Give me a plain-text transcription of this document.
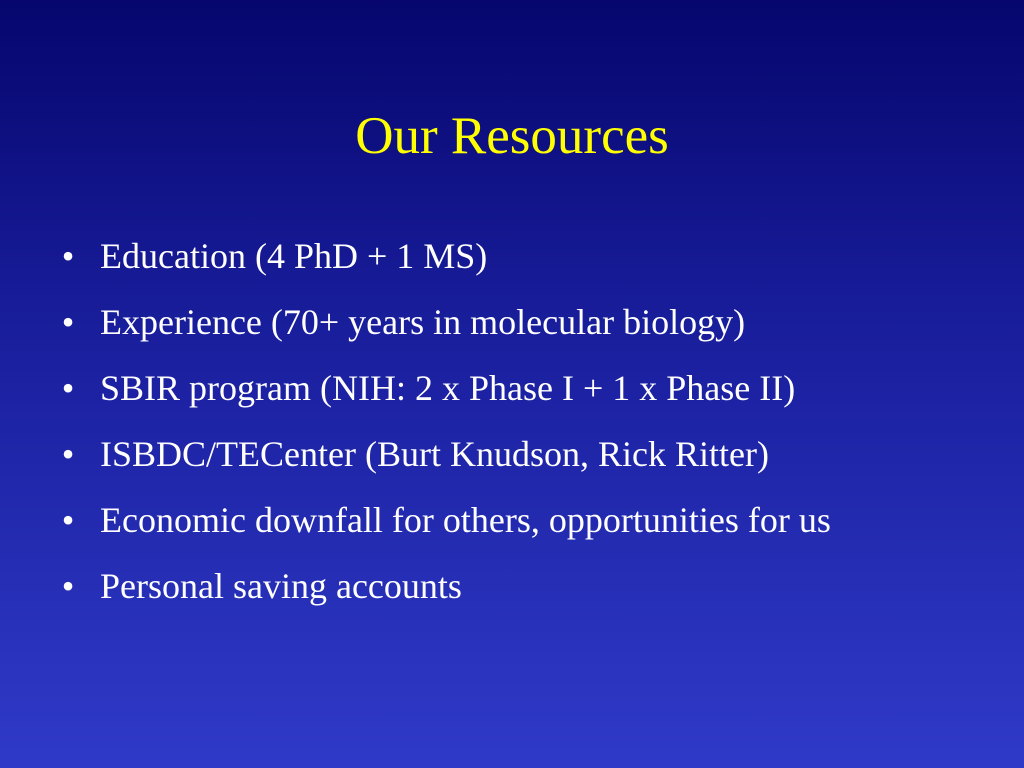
Our Resources
• Education (4 PhD + 1 MS)
• Experience (70+ years in molecular biology)
• SBIR program (NIH: 2 x Phase I + 1 x Phase II)
• ISBDC/TECenter (Burt Knudson, Rick Ritter)
• Economic downfall for others, opportunities for us
• Personal saving accounts
